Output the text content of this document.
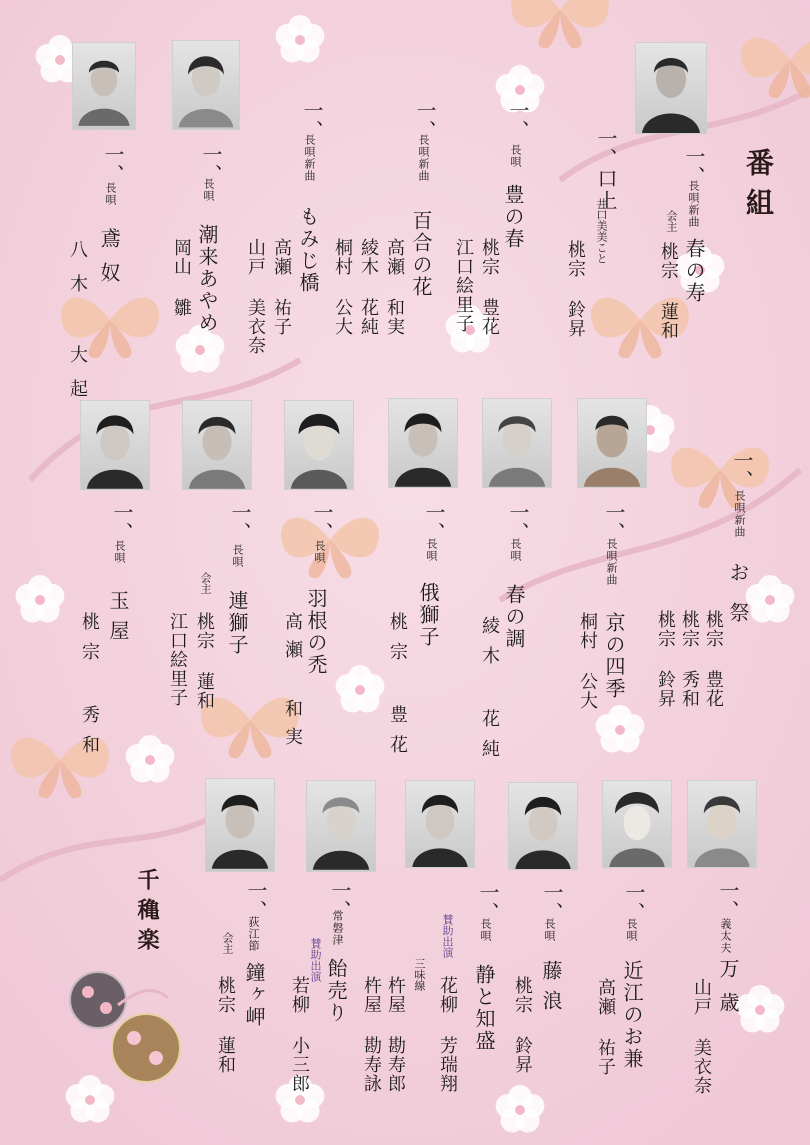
番組
千穐楽
一、
長唄新曲
春の寿
会主
桃宗 蓮和
一、
口上
井口美美こと
桃宗 鈴昇
一、
長唄
豊の春
桃宗 豊花
江口絵里子
一、
長唄新曲
百合の花
高瀬 和実
綾木 花純
桐村 公大
一、
長唄新曲
もみじ橋
高瀬 祐子
山戸 美衣奈
一、
長唄
潮来あやめ
岡山 雛
一、
長唄
鳶奴
八木 大起
一、
長唄新曲
お祭
桃宗 豊花
桃宗 秀和
桃宗 鈴昇
一、
長唄新曲
京の四季
桐村 公大
一、
長唄
春の調
綾木 花純
一、
長唄
俄獅子
桃宗 豊花
一、
長唄
羽根の禿
高瀬 和実
一、
長唄
連獅子
会主
桃宗 蓮和
江口絵里子
一、
長唄
玉屋
桃宗 秀和
一、
義太夫
万歳
山戸 美衣奈
一、
長唄
近江のお兼
高瀬 祐子
一、
長唄
藤浪
桃宗 鈴昇
一、
長唄
静と知盛
賛助出演
三味線
花柳 芳瑞翔
杵屋 勘寿郎
杵屋 勘寿詠
一、
常磐津
飴売り
賛助出演
若柳 小三郎
一、
荻江節
鐘ヶ岬
会主
桃宗 蓮和
